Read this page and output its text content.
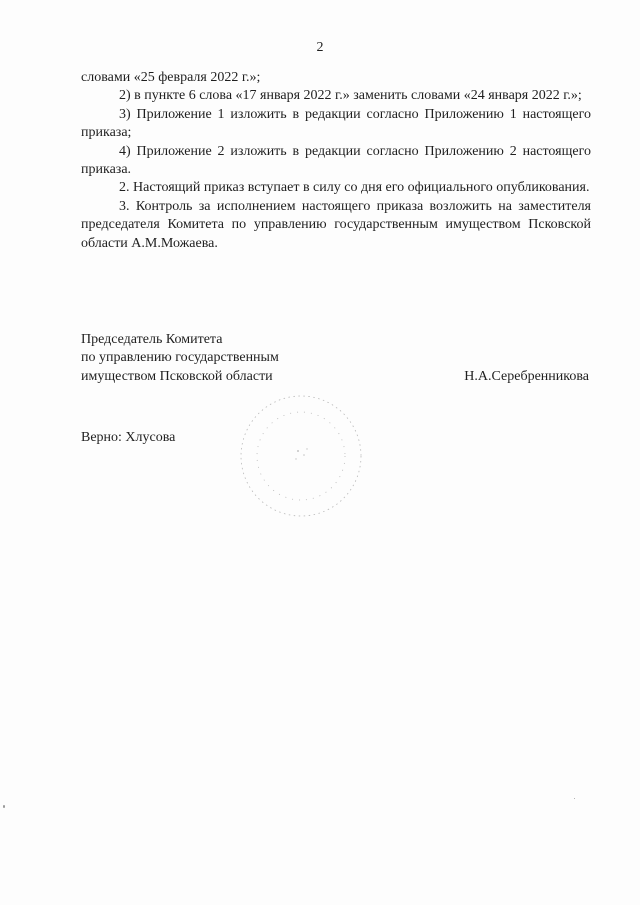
2

словами «25 февраля 2022 г.»;

2) в пункте 6 слова «17 января 2022 г.» заменить словами «24 января 2022 г.»;

3) Приложение 1 изложить в редакции согласно Приложению 1 настоящего приказа;

4) Приложение 2 изложить в редакции согласно Приложению 2 настоящего приказа.

2. Настоящий приказ вступает в силу со дня его официального опубликования.

3. Контроль за исполнением настоящего приказа возложить на заместителя председателя Комитета по управлению государственным имуществом Псковской области А.М.Можаева.

Председатель Комитета
по управлению государственным
имуществом Псковской области	Н.А.Серебренникова
Верно: Хлусова
